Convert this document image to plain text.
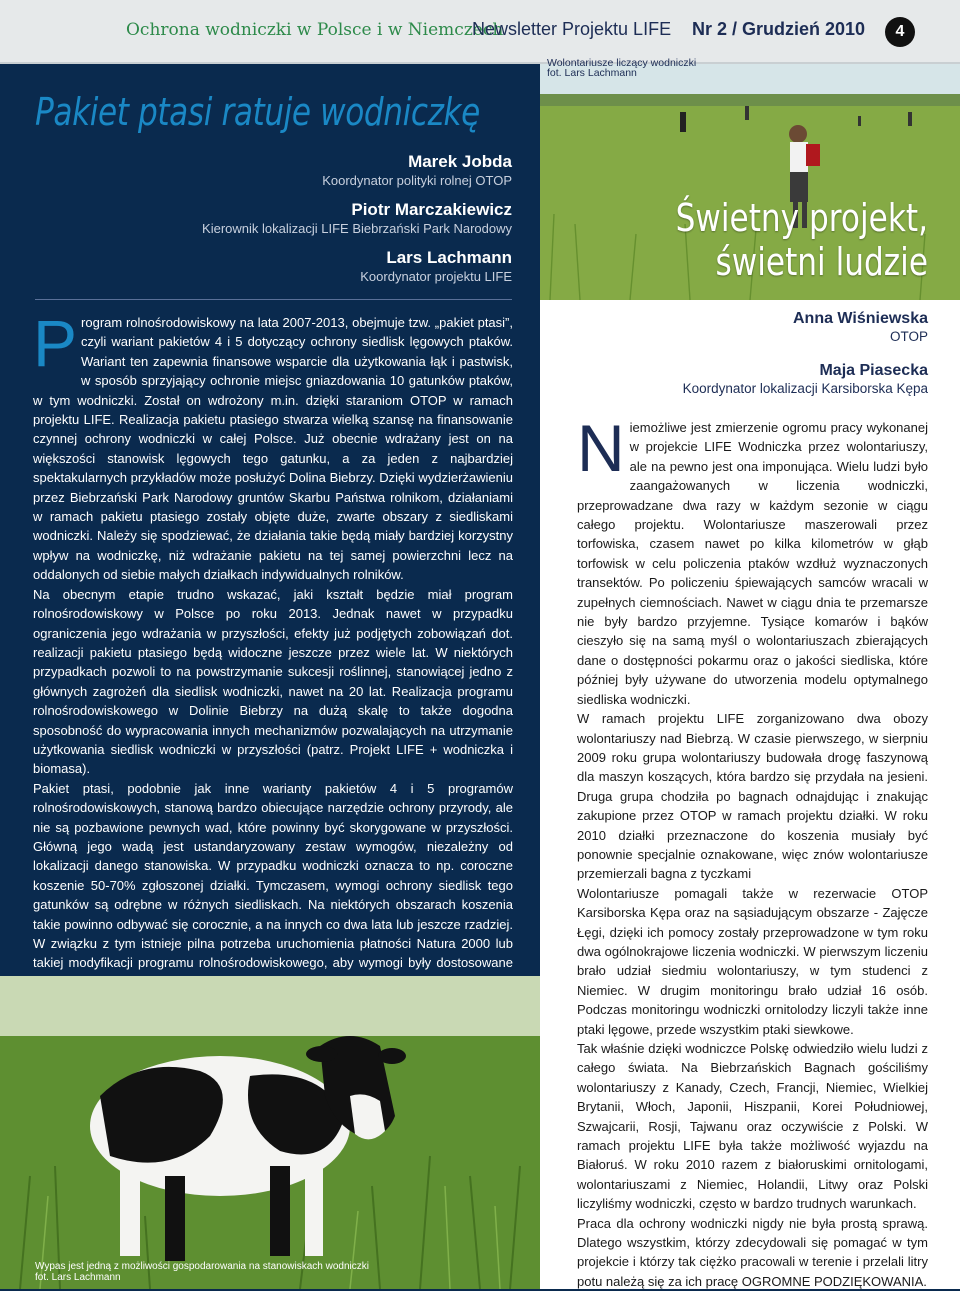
Ochrona wodniczki w Polsce i w Niemczech
Newsletter Projektu LIFE Nr 2 / Grudzień 2010	4
Pakiet ptasi ratuje wodniczkę
Marek Jobda
Koordynator polityki rolnej OTOP
Piotr Marczakiewicz
Kierownik lokalizacji LIFE Biebrzański Park Narodowy
Lars Lachmann
Koordynator projektu LIFE

Program rolnośrodowiskowy na lata 2007-2013, obejmuje tzw. „pakiet ptasi”, czyli wariant pakietów 4 i 5 dotyczący ochrony siedlisk lęgowych ptaków. Wariant ten zapewnia finansowe wsparcie dla użytkowania łąk i pastwisk, w sposób sprzyjający ochronie miejsc gniazdowania 10 gatunków ptaków, w tym wodniczki. Został on wdrożony m.in. dzięki staraniom OTOP w ramach projektu LIFE. Realizacja pakietu ptasiego stwarza wielką szansę na finansowanie czynnej ochrony wodniczki w całej Polsce. Już obecnie wdrażany jest on na większości stanowisk lęgowych tego gatunku, a za jeden z najbardziej spektakularnych przykładów może posłużyć Dolina Biebrzy. Dzięki wydzierżawieniu przez Biebrzański Park Narodowy gruntów Skarbu Państwa rolnikom, działaniami w ramach pakietu ptasiego zostały objęte duże, zwarte obszary z siedliskami wodniczki. Należy się spodziewać, że działania takie będą miały bardziej korzystny wpływ na wodniczkę, niż wdrażanie pakietu na tej samej powierzchni lecz na oddalonych od siebie małych działkach indywidualnych rolników.

Na obecnym etapie trudno wskazać, jaki kształt będzie miał program rolnośrodowiskowy w Polsce po roku 2013. Jednak nawet w przypadku ograniczenia jego wdrażania w przyszłości, efekty już podjętych zobowiązań dot. realizacji pakietu ptasiego będą widoczne jeszcze przez wiele lat. W niektórych przypadkach pozwoli to na powstrzymanie sukcesji roślinnej, stanowiącej jedno z głównych zagrożeń dla siedlisk wodniczki, nawet na 20 lat. Realizacja programu rolnośrodowiskowego w Dolinie Biebrzy na dużą skalę to także dogodna sposobność do wypracowania innych mechanizmów pozwalających na utrzymanie użytkowania siedlisk wodniczki w przyszłości (patrz. Projekt LIFE + wodniczka i biomasa).

Pakiet ptasi, podobnie jak inne warianty pakietów 4 i 5 programów rolnośrodowiskowych, stanową bardzo obiecujące narzędzie ochrony przyrody, ale nie są pozbawione pewnych wad, które powinny być skorygowane w przyszłości. Główną jego wadą jest ustandaryzowany zestaw wymogów, niezależny od lokalizacji danego stanowiska. W przypadku wodniczki oznacza to np. coroczne koszenie 50-70% zgłoszonej działki. Tymczasem, wymogi ochrony siedlisk tego gatunków są odrębne w różnych siedliskach. Na niektórych obszarach koszenia takie powinno odbywać się corocznie, a na innych co dwa lata lub jeszcze rzadziej. W związku z tym istnieje pilna potrzeba uruchomienia płatności Natura 2000 lub takiej modyfikacji programu rolnośrodowiskowego, aby wymogi były dostosowane

Wypas jest jedną z możliwości gospodarowania na stanowiskach wodniczki
fot. Lars Lachmann
Wolontariusze liczący wodniczki
fot. Lars Lachmann
Świetny projekt,
świetni ludzie
Anna Wiśniewska
OTOP
Maja Piasecka
Koordynator lokalizacji Karsiborska Kępa

Niemożliwe jest zmierzenie ogromu pracy wykonanej w projekcie LIFE Wodniczka przez wolontariuszy, ale na pewno jest ona imponująca. Wielu ludzi było zaangażowanych w liczenia wodniczki, przeprowadzane dwa razy w każdym sezonie w ciągu całego projektu. Wolontariusze maszerowali przez torfowiska, czasem nawet po kilka kilometrów w głąb torfowisk w celu policzenia ptaków wzdłuż wyznaczonych transektów. Po policzeniu śpiewających samców wracali w zupełnych ciemnościach. Nawet w ciągu dnia te przemarsze nie były bardzo przyjemne. Tysiące komarów i bąków cieszyło się na samą myśl o wolontariuszach zbierających dane o dostępności pokarmu oraz o jakości siedliska, które później były używane do utworzenia modelu optymalnego siedliska wodniczki.

W ramach projektu LIFE zorganizowano dwa obozy wolontariuszy nad Biebrzą. W czasie pierwszego, w sierpniu 2009 roku grupa wolontariuszy budowała drogę faszynową dla maszyn koszących, która bardzo się przydała na jesieni. Druga grupa chodziła po bagnach odnajdując i znakując zakupione przez OTOP w ramach projektu działki. W roku 2010 działki przeznaczone do koszenia musiały być ponownie specjalnie oznakowane, więc znów wolontariusze przemierzali bagna z tyczkami

Wolontariusze pomagali także w rezerwacie OTOP Karsiborska Kępa oraz na sąsiadującym obszarze - Zajęcze Łęgi, dzięki ich pomocy zostały przeprowadzone w tym roku dwa ogólnokrajowe liczenia wodniczki. W pierwszym liczeniu brało udział siedmiu wolontariuszy, w tym studenci z Niemiec. W drugim monitoringu brało udział 16 osób. Podczas monitoringu wodniczki ornitolodzy liczyli także inne ptaki lęgowe, przede wszystkim ptaki siewkowe.

Tak właśnie dzięki wodniczce Polskę odwiedziło wielu ludzi z całego świata. Na Biebrzańskich Bagnach gościliśmy wolontariuszy z Kanady, Czech, Francji, Niemiec, Wielkiej Brytanii, Włoch, Japonii, Hiszpanii, Korei Południowej, Szwajcarii, Rosji, Tajwanu oraz oczywiście z Polski. W ramach projektu LIFE była także możliwość wyjazdu na Białoruś. W roku 2010 razem z białoruskimi ornitologami, wolontariuszami z Niemiec, Holandii, Litwy oraz Polski liczyliśmy wodniczki, często w bardzo trudnych warunkach.

Praca dla ochrony wodniczki nigdy nie była prostą sprawą. Dlatego wszystkim, którzy zdecydowali się pomagać w tym projekcie i którzy tak ciężko pracowali w terenie i przelali litry potu należą się za ich pracę OGROMNE PODZIĘKOWANIA.
